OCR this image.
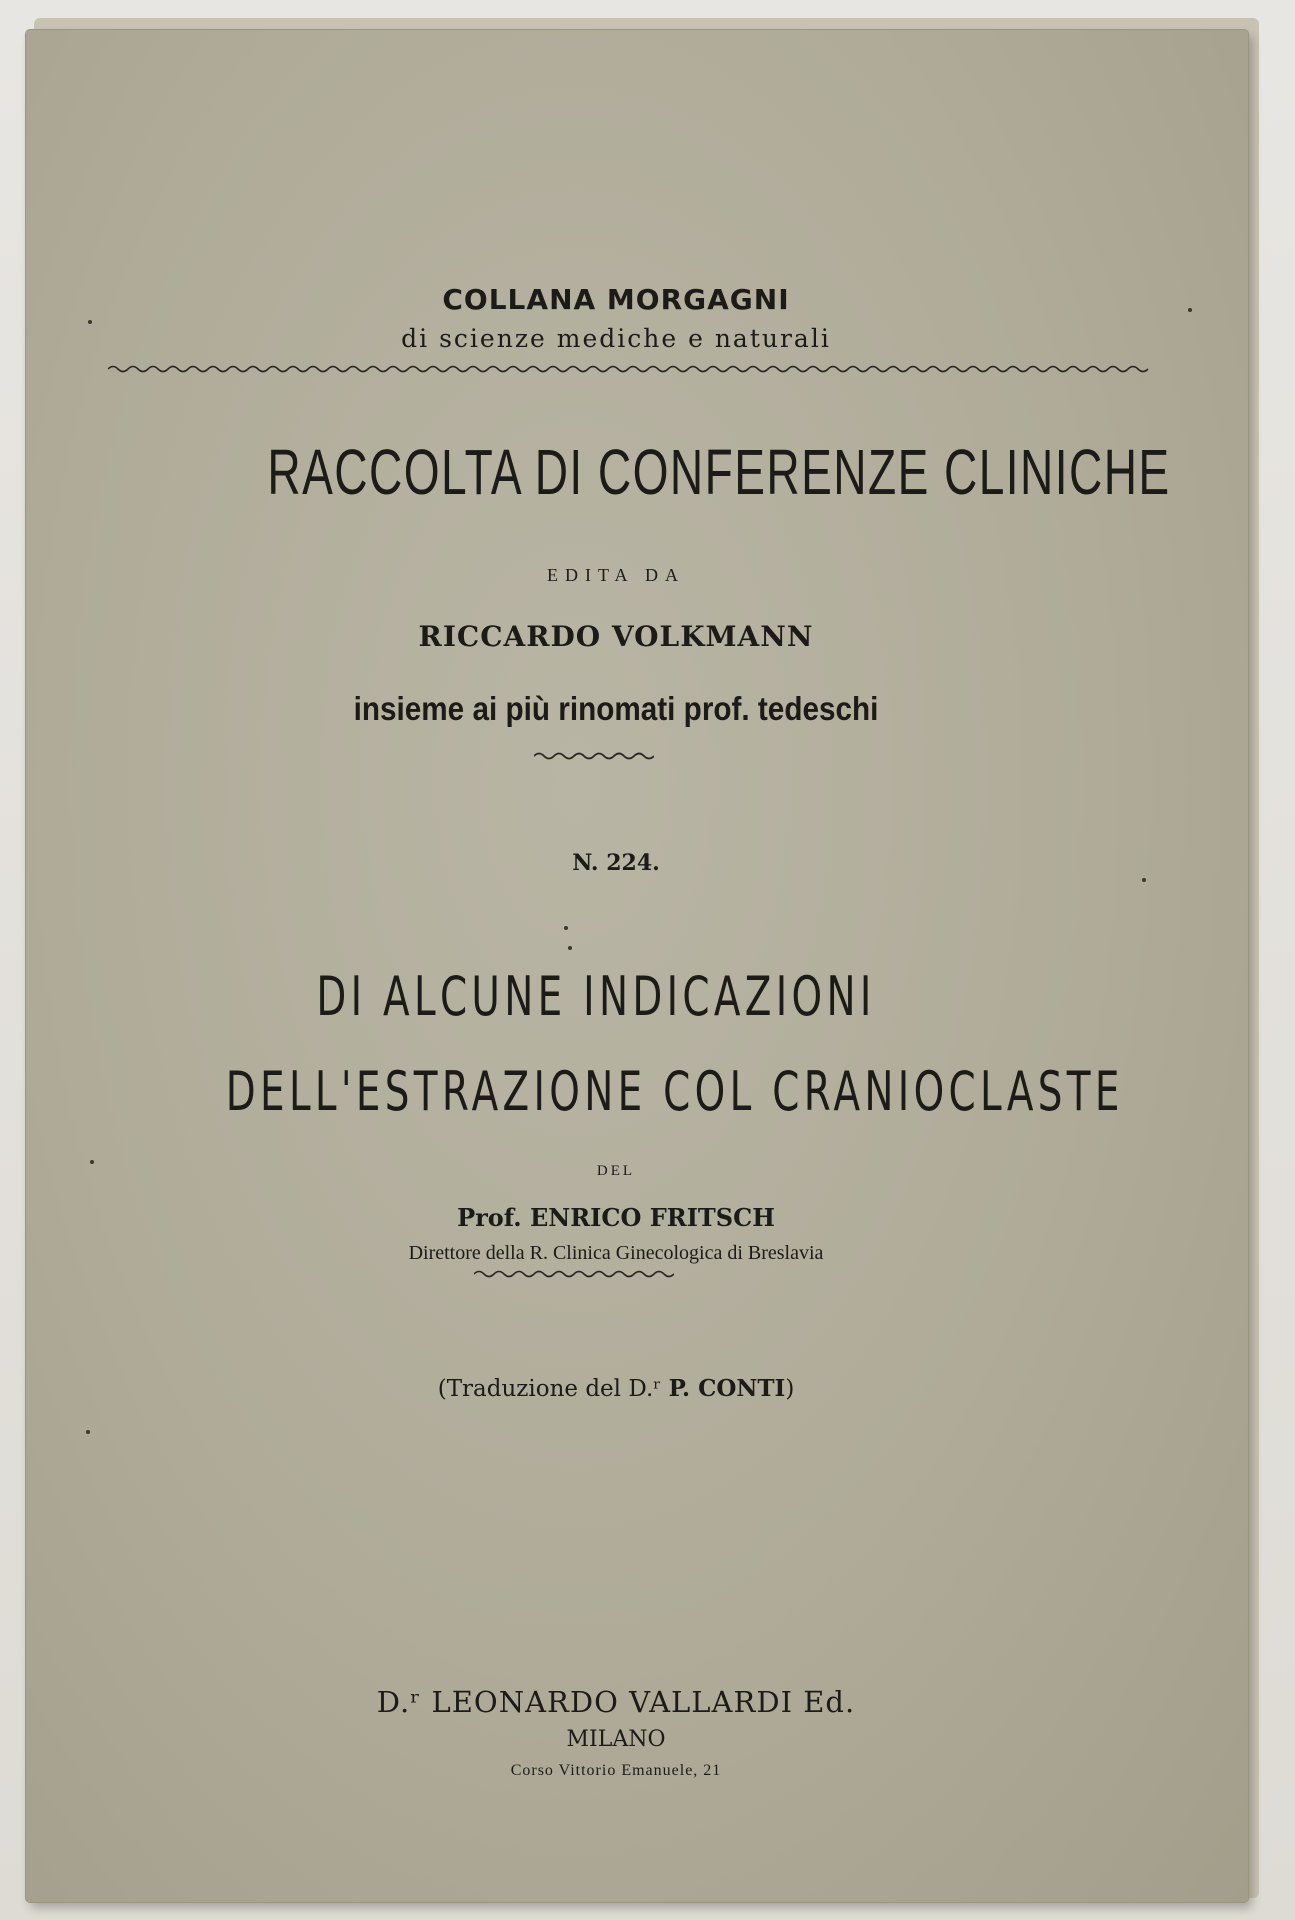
COLLANA MORGAGNI
di scienze mediche e naturali
RACCOLTA DI CONFERENZE CLINICHE
EDITA DA
RICCARDO VOLKMANN
insieme ai più rinomati prof. tedeschi
N. 224.
DI ALCUNE INDICAZIONI
DELL'ESTRAZIONE COL CRANIOCLASTE
DEL
Prof. ENRICO FRITSCH
Direttore della R. Clinica Ginecologica di Breslavia
(Traduzione del D.ʳ P. CONTI)
D.ʳ LEONARDO VALLARDI Ed.
MILANO
Corso Vittorio Emanuele, 21
